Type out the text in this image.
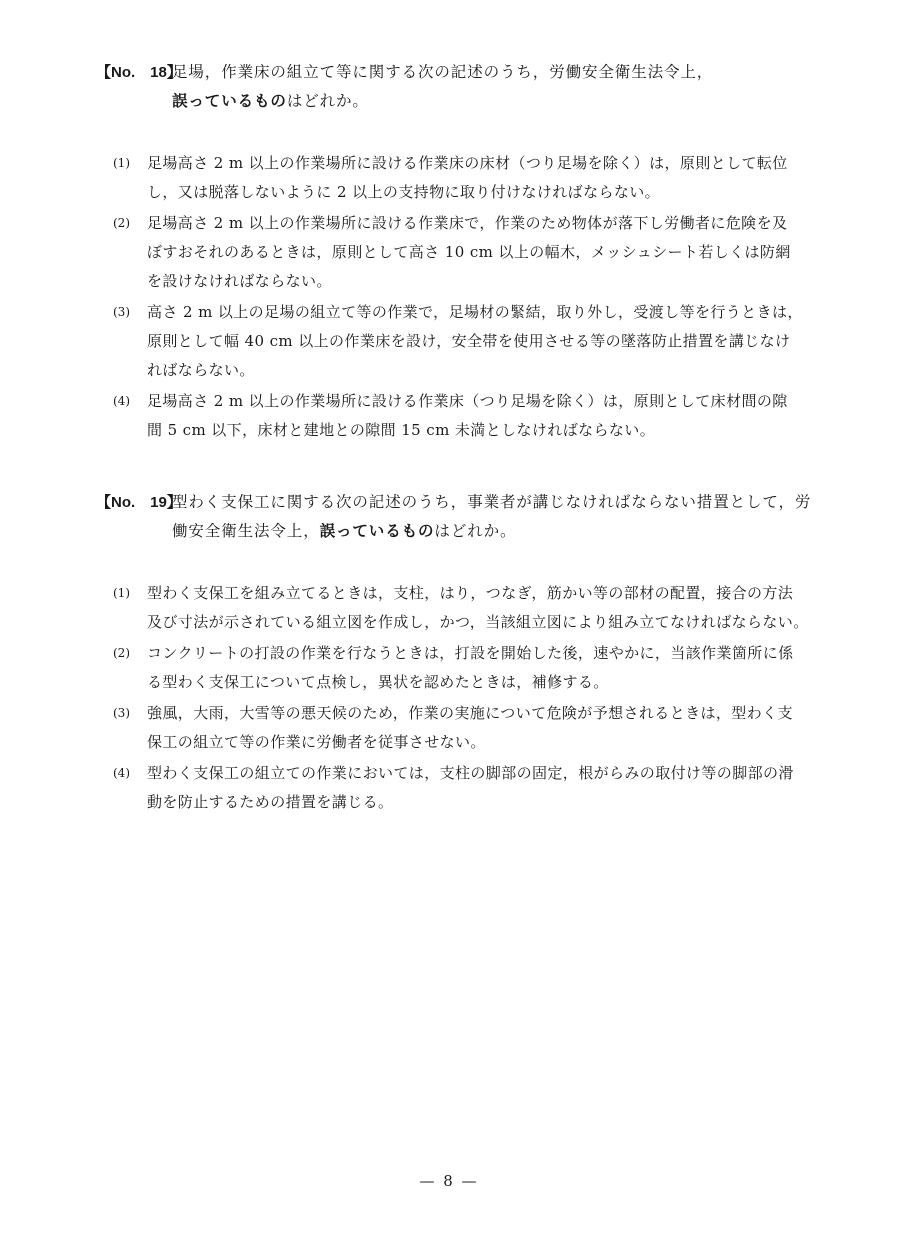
【No.　18】
足場，作業床の組立て等に関する次の記述のうち，労働安全衛生法令上，
誤っているものはどれか。
(1) 足場高さ 2 m 以上の作業場所に設ける作業床の床材（つり足場を除く）は，原則として転位
し，又は脱落しないように 2 以上の支持物に取り付けなければならない。
(2) 足場高さ 2 m 以上の作業場所に設ける作業床で，作業のため物体が落下し労働者に危険を及
ぼすおそれのあるときは，原則として高さ 10 cm 以上の幅木，メッシュシート若しくは防網
を設けなければならない。
(3) 高さ 2 m 以上の足場の組立て等の作業で，足場材の緊結，取り外し，受渡し等を行うときは，
原則として幅 40 cm 以上の作業床を設け，安全帯を使用させる等の墜落防止措置を講じなけ
ればならない。
(4) 足場高さ 2 m 以上の作業場所に設ける作業床（つり足場を除く）は，原則として床材間の隙
間 5 cm 以下，床材と建地との隙間 15 cm 未満としなければならない。
【No.　19】
型わく支保工に関する次の記述のうち，事業者が講じなければならない措置として，労
働安全衛生法令上，誤っているものはどれか。
(1) 型わく支保工を組み立てるときは，支柱，はり，つなぎ，筋かい等の部材の配置，接合の方法
及び寸法が示されている組立図を作成し，かつ，当該組立図により組み立てなければならない。
(2) コンクリートの打設の作業を行なうときは，打設を開始した後，速やかに，当該作業箇所に係
る型わく支保工について点検し，異状を認めたときは，補修する。
(3) 強風，大雨，大雪等の悪天候のため，作業の実施について危険が予想されるときは，型わく支
保工の組立て等の作業に労働者を従事させない。
(4) 型わく支保工の組立ての作業においては，支柱の脚部の固定，根がらみの取付け等の脚部の滑
動を防止するための措置を講じる。
— 8 —
